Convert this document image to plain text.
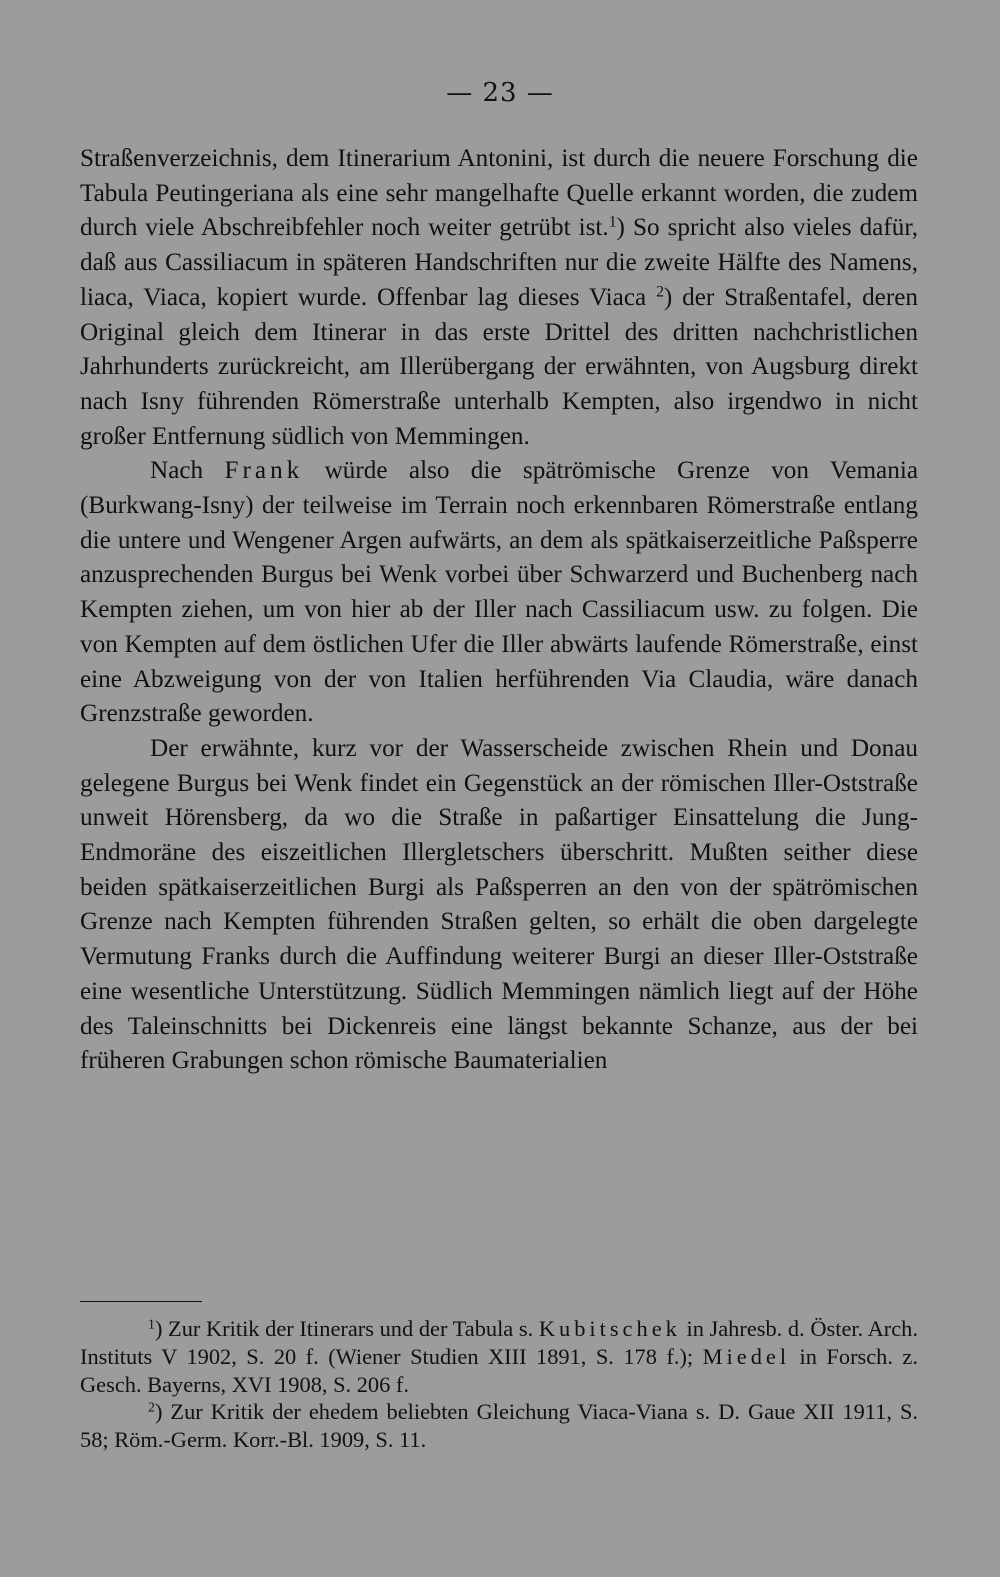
— 23 —

Straßenverzeichnis, dem Itinerarium Antonini, ist durch die neuere Forschung die Tabula Peutingeriana als eine sehr mangelhafte Quelle erkannt worden, die zudem durch viele Abschreibfehler noch weiter getrübt ist.$^1$) So spricht also vieles dafür, daß aus Cassiliacum in späteren Handschriften nur die zweite Hälfte des Namens, liaca, Viaca, kopiert wurde. Offenbar lag dieses Viaca $^2$) der Straßentafel, deren Original gleich dem Itinerar in das erste Drittel des dritten nachchristlichen Jahrhunderts zurückreicht, am Illerübergang der erwähnten, von Augsburg direkt nach Isny führenden Römerstraße unterhalb Kempten, also irgendwo in nicht großer Entfernung südlich von Memmingen.

Nach Frank würde also die spätrömische Grenze von Vemania (Burkwang-Isny) der teilweise im Terrain noch erkennbaren Römerstraße entlang die untere und Wengener Argen aufwärts, an dem als spätkaiserzeitliche Paßsperre anzusprechenden Burgus bei Wenk vorbei über Schwarzerd und Buchenberg nach Kempten ziehen, um von hier ab der Iller nach Cassiliacum usw. zu folgen. Die von Kempten auf dem östlichen Ufer die Iller abwärts laufende Römerstraße, einst eine Abzweigung von der von Italien herführenden Via Claudia, wäre danach Grenzstraße geworden.

Der erwähnte, kurz vor der Wasserscheide zwischen Rhein und Donau gelegene Burgus bei Wenk findet ein Gegenstück an der römischen Iller-Oststraße unweit Hörensberg, da wo die Straße in paßartiger Einsattelung die Jung-Endmoräne des eiszeitlichen Illergletschers überschritt. Mußten seither diese beiden spätkaiserzeitlichen Burgi als Paßsperren an den von der spätrömischen Grenze nach Kempten führenden Straßen gelten, so erhält die oben dargelegte Vermutung Franks durch die Auffindung weiterer Burgi an dieser Iller-Oststraße eine wesentliche Unterstützung. Südlich Memmingen nämlich liegt auf der Höhe des Taleinschnitts bei Dickenreis eine längst bekannte Schanze, aus der bei früheren Grabungen schon römische Baumaterialien

$^1$) Zur Kritik der Itinerars und der Tabula s. Kubitschek in Jahresb. d. Öster. Arch. Instituts V 1902, S. 20 f. (Wiener Studien XIII 1891, S. 178 f.); Miedel in Forsch. z. Gesch. Bayerns, XVI 1908, S. 206 f.

$^2$) Zur Kritik der ehedem beliebten Gleichung Viaca-Viana s. D. Gaue XII 1911, S. 58; Röm.-Germ. Korr.-Bl. 1909, S. 11.
